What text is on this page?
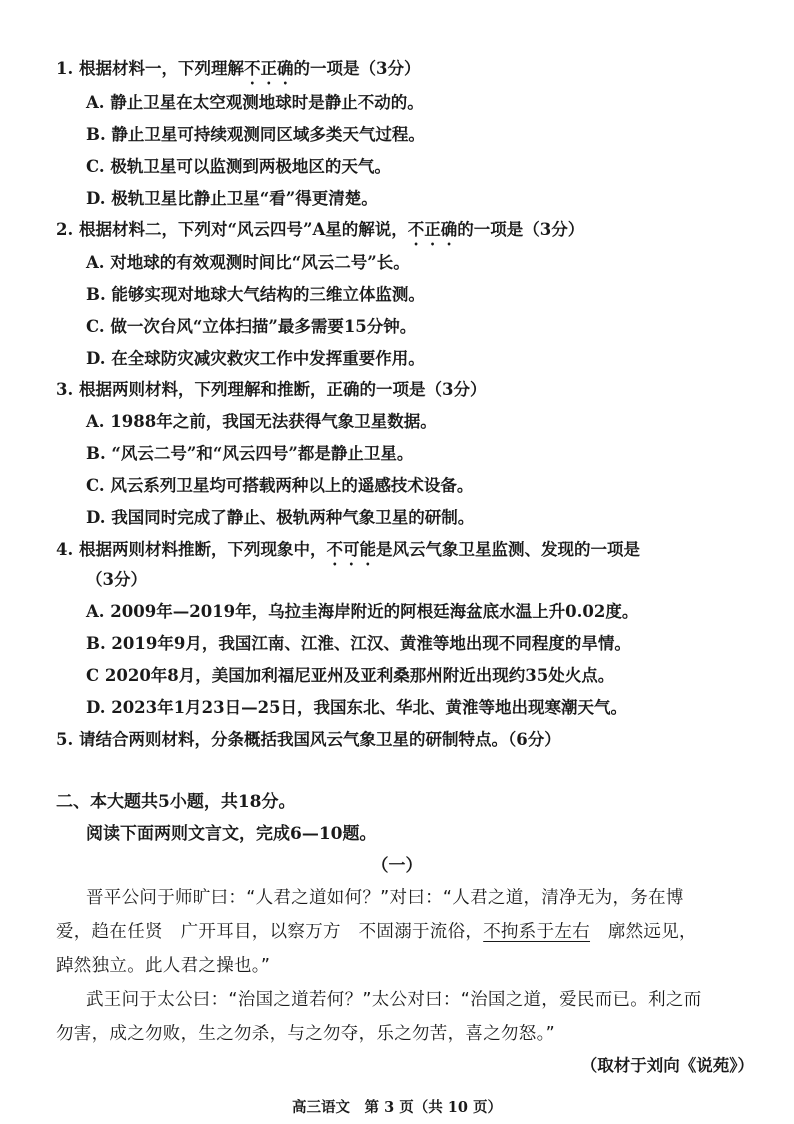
1. 根据材料一，下列理解不正确的一项是（3分）
A. 静止卫星在太空观测地球时是静止不动的。
B. 静止卫星可持续观测同区域多类天气过程。
C. 极轨卫星可以监测到两极地区的天气。
D. 极轨卫星比静止卫星“看”得更清楚。
2. 根据材料二，下列对“风云四号”A星的解说，不正确的一项是（3分）
A. 对地球的有效观测时间比“风云二号”长。
B. 能够实现对地球大气结构的三维立体监测。
C. 做一次台风“立体扫描”最多需要15分钟。
D. 在全球防灾减灾救灾工作中发挥重要作用。
3. 根据两则材料，下列理解和推断，正确的一项是（3分）
A. 1988年之前，我国无法获得气象卫星数据。
B. “风云二号”和“风云四号”都是静止卫星。
C. 风云系列卫星均可搭载两种以上的遥感技术设备。
D. 我国同时完成了静止、极轨两种气象卫星的研制。
4. 根据两则材料推断，下列现象中，不可能是风云气象卫星监测、发现的一项是
（3分）
A. 2009年—2019年，乌拉圭海岸附近的阿根廷海盆底水温上升0.02度。
B. 2019年9月，我国江南、江淮、江汉、黄淮等地出现不同程度的旱情。
C 2020年8月，美国加利福尼亚州及亚利桑那州附近出现约35处火点。
D. 2023年1月23日—25日，我国东北、华北、黄淮等地出现寒潮天气。
5. 请结合两则材料，分条概括我国风云气象卫星的研制特点。（6分）
二、本大题共5小题，共18分。
阅读下面两则文言文，完成6—10题。
（一）
晋平公问于师旷曰：“人君之道如何？”对曰：“人君之道，清净无为，务在博
爱，趋在任贤　广开耳目，以察万方　不固溺于流俗，不拘系于左右　廓然远见，
踔然独立。此人君之操也。”
武王问于太公曰：“治国之道若何？”太公对曰：“治国之道，爱民而已。利之而
勿害，成之勿败，生之勿杀，与之勿夺，乐之勿苦，喜之勿怒。”
（取材于刘向《说苑》）
高三语文　第 3 页（共 10 页）
